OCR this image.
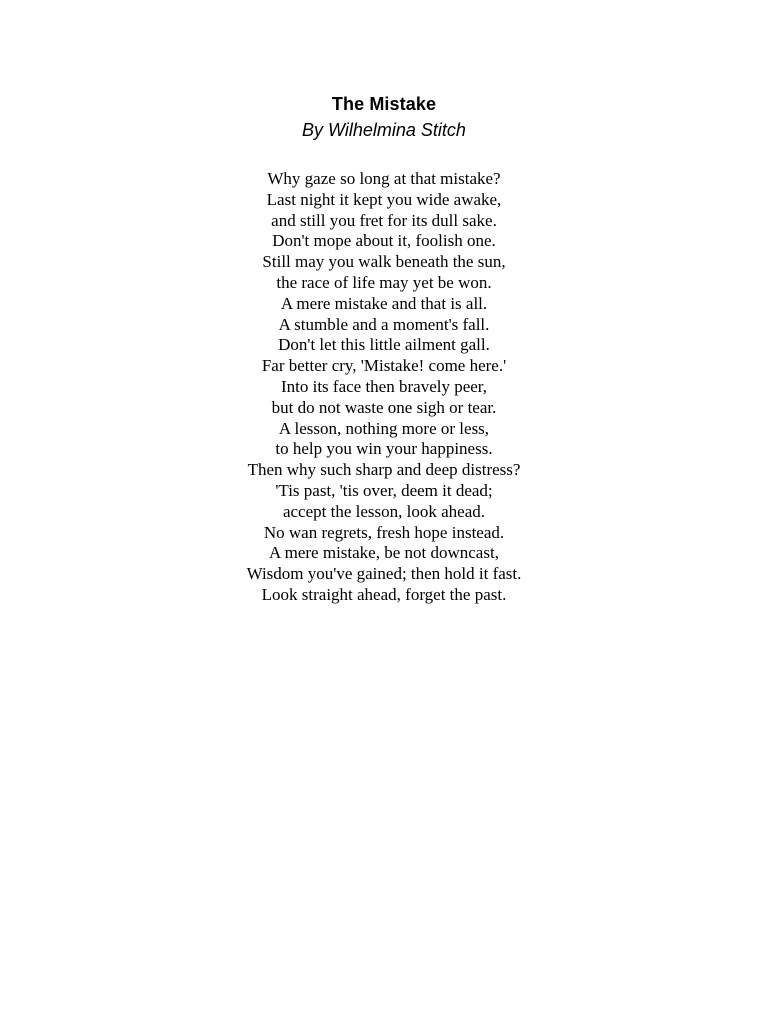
The Mistake
By Wilhelmina Stitch
Why gaze so long at that mistake?
Last night it kept you wide awake,
and still you fret for its dull sake.
Don't mope about it, foolish one.
Still may you walk beneath the sun,
the race of life may yet be won.
A mere mistake and that is all.
A stumble and a moment's fall.
Don't let this little ailment gall.
Far better cry, 'Mistake! come here.'
Into its face then bravely peer,
but do not waste one sigh or tear.
A lesson, nothing more or less,
to help you win your happiness.
Then why such sharp and deep distress?
'Tis past, 'tis over, deem it dead;
accept the lesson, look ahead.
No wan regrets, fresh hope instead.
A mere mistake, be not downcast,
Wisdom you've gained; then hold it fast.
Look straight ahead, forget the past.
